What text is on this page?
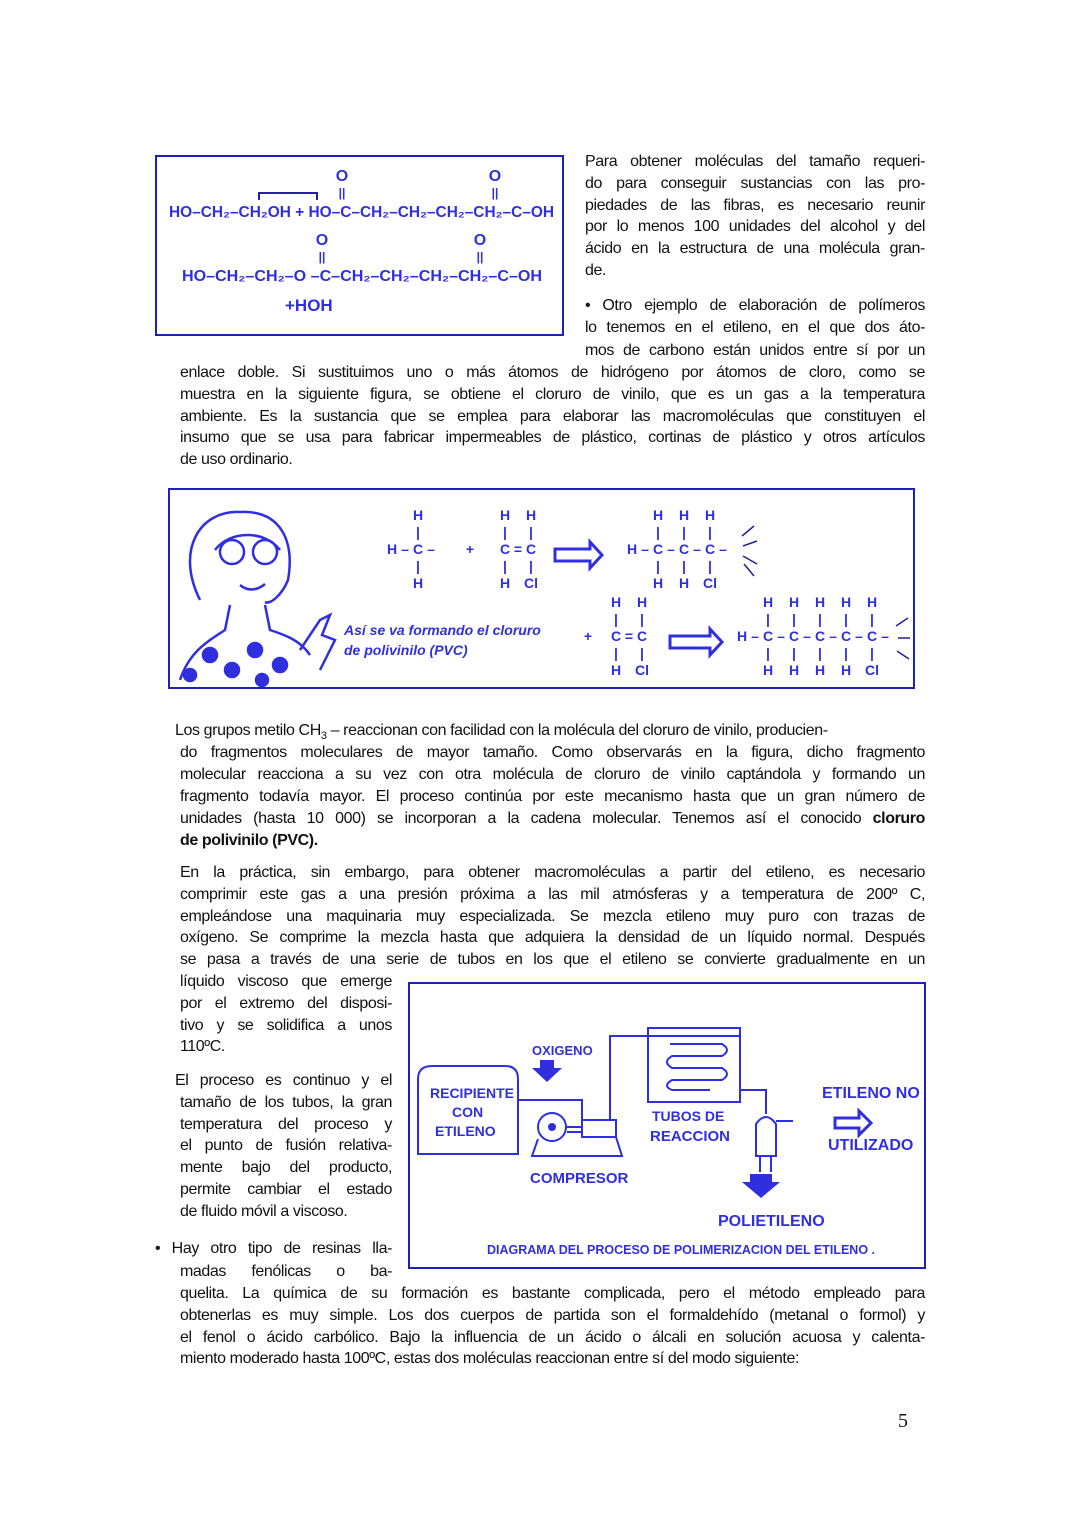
HO–CH₂–CH₂OH + HO–C–CH₂–CH₂–CH₂–CH₂–C–OH
O
||
O
||
HO–CH₂–CH₂–O –C–CH₂–CH₂–CH₂–CH₂–C–OH
O
||
O
||
+HOH
Así se va formando el cloruro
de polivinilo (PVC)
H –
H
|
C
|
H
– +
H
|
C
|
H
=
H
|
C
|
Cl
H –
H
|
C
|
H
–
H
|
C
|
H
–
H
|
C
|
Cl
–
+
H
|
C
|
H
=
H
|
C
|
Cl
H –
H
|
C
|
H
–
H
|
C
|
H
–
H
|
C
|
H
–
H
|
C
|
H
–
H
|
C
|
Cl
–
RECIPIENTE
CON
ETILENO
OXIGENO
COMPRESOR
TUBOS DE
REACCION
ETILENO NO
UTILIZADO
POLIETILENO
DIAGRAMA DEL PROCESO DE POLIMERIZACION DEL ETILENO .
Para obtener moléculas del tamaño requeri-
do para conseguir sustancias con las pro-
piedades de las fibras, es necesario reunir
por lo menos 100 unidades del alcohol y del
ácido en la estructura de una molécula gran-
de.
• Otro ejemplo de elaboración de polímeros
lo tenemos en el etileno, en el que dos áto-
mos de carbono están unidos entre sí por un
enlace doble. Si sustituimos uno o más átomos de hidrógeno por átomos de cloro, como se
muestra en la siguiente figura, se obtiene el cloruro de vinilo, que es un gas a la temperatura
ambiente. Es la sustancia que se emplea para elaborar las macromoléculas que constituyen el
insumo que se usa para fabricar impermeables de plástico, cortinas de plástico y otros artículos
de uso ordinario.
do fragmentos moleculares de mayor tamaño. Como observarás en la figura, dicho fragmento
molecular reacciona a su vez con otra molécula de cloruro de vinilo captándola y formando un
fragmento todavía mayor. El proceso continúa por este mecanismo hasta que un gran número de
En la práctica, sin embargo, para obtener macromoléculas a partir del etileno, es necesario
comprimir este gas a una presión próxima a las mil atmósferas y a temperatura de 200º C,
empleándose una maquinaria muy especializada. Se mezcla etileno muy puro con trazas de
oxígeno. Se comprime la mezcla hasta que adquiera la densidad de un líquido normal. Después
se pasa a través de una serie de tubos en los que el etileno se convierte gradualmente en un
líquido viscoso que emerge
por el extremo del disposi-
tivo y se solidifica a unos
110ºC.
El proceso es continuo y el
tamaño de los tubos, la gran
temperatura del proceso y
el punto de fusión relativa-
mente bajo del producto,
permite cambiar el estado
de fluido móvil a viscoso.
• Hay otro tipo de resinas lla-
madas fenólicas o ba-
quelita. La química de su formación es bastante complicada, pero el método empleado para
obtenerlas es muy simple. Los dos cuerpos de partida son el formaldehído (metanal o formol) y
el fenol o ácido carbólico. Bajo la influencia de un ácido o álcali en solución acuosa y calenta-
miento moderado hasta 100ºC, estas dos moléculas reaccionan entre sí del modo siguiente:
Los grupos metilo $CH_3$ – reaccionan con facilidad con la molécula del cloruro de vinilo, producien-
unidades (hasta 10 000) se incorporan a la cadena molecular. Tenemos así el conocido cloruro
de polivinilo (PVC).
5
